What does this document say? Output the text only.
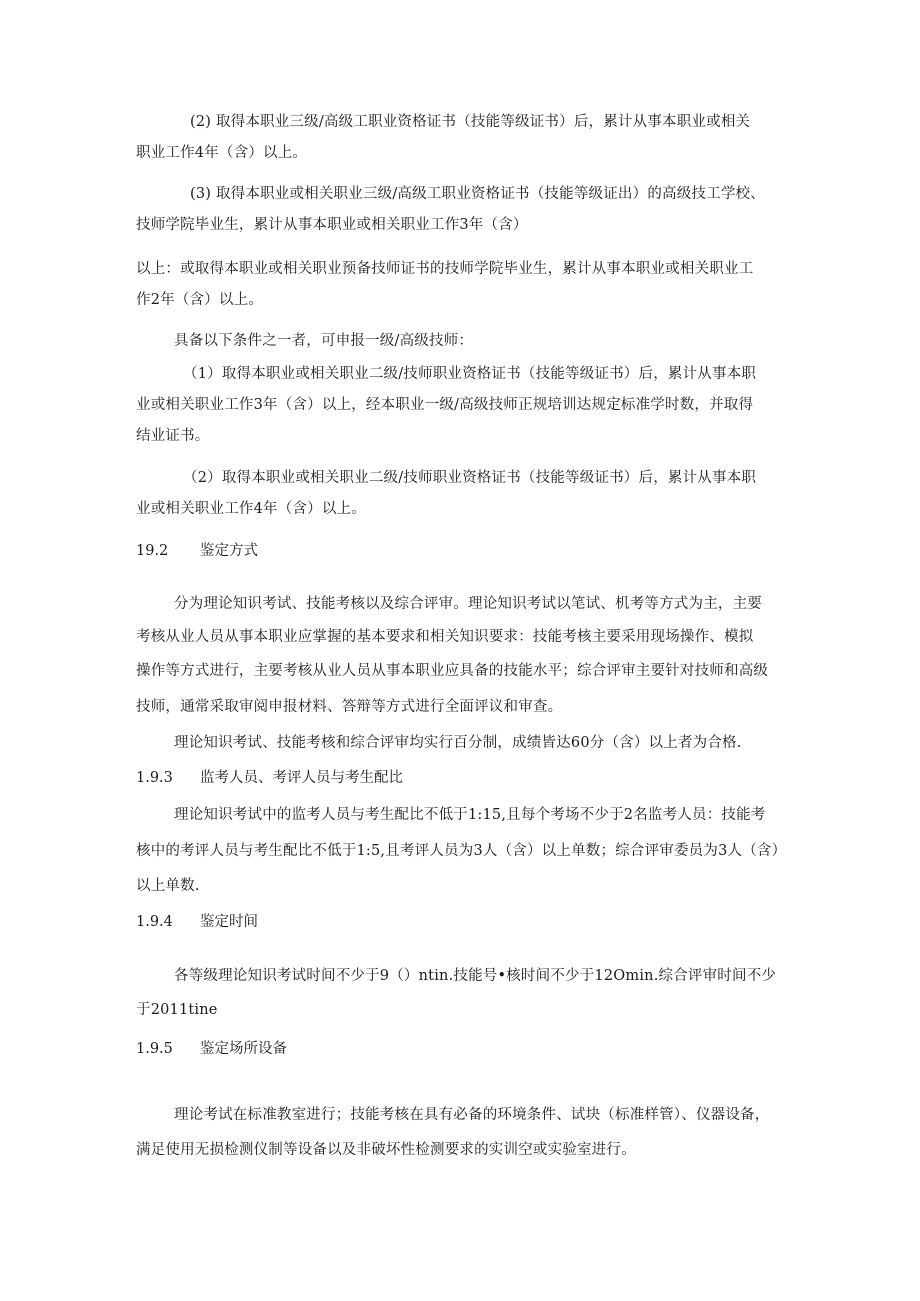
(2) 取得本职业三级/高级工职业资格证书（技能等级证书）后，累计从事本职业或相关
职业工作4年（含）以上。
(3) 取得本职业或相关职业三级/高级工职业资格证书（技能等级证出）的高级技工学校、
技师学院毕业生，累计从事本职业或相关职业工作3年（含）
以上：或取得本职业或相关职业预备技师证书的技师学院毕业生，累计从事本职业或相关职业工
作2年（含）以上。
具备以下条件之一者，可申报一级/高级技师：
（1）取得本职业或相关职业二级/技师职业资格证书（技能等级证书）后，累计从事本职
业或相关职业工作3年（含）以上，经本职业一级/高级技师正规培训达规定标准学时数，并取得
结业证书。
（2）取得本职业或相关职业二级/技师职业资格证书（技能等级证书）后，累计从事本职
业或相关职业工作4年（含）以上。
19.2 鉴定方式
分为理论知识考试、技能考核以及综合评审。理论知识考试以笔试、机考等方式为主，主要
考核从业人员从事本职业应掌握的基本要求和相关知识要求：技能考核主要采用现场操作、模拟
操作等方式进行，主要考核从业人员从事本职业应具备的技能水平；综合评审主要针对技师和高级
技师，通常采取审阅申报材料、答辩等方式进行全面评议和审查。
理论知识考试、技能考核和综合评审均实行百分制，成绩皆达60分（含）以上者为合格.
1.9.3 监考人员、考评人员与考生配比
理论知识考试中的监考人员与考生配比不低于1:15,且每个考场不少于2名监考人员：技能考
核中的考评人员与考生配比不低于1:5,且考评人员为3人（含）以上单数；综合评审委员为3人（含）
以上单数.
1.9.4 鉴定时间
各等级理论知识考试时间不少于9（）ntin.技能号•核时间不少于12Omin.综合评审时间不少
于2011tine
1.9.5 鉴定场所设备
理论考试在标准教室进行；技能考核在具有必备的环境条件、试块（标准样管）、仪器设备，
满足使用无损检测仪制等设备以及非破坏性检测要求的实训空或实验室进行。
